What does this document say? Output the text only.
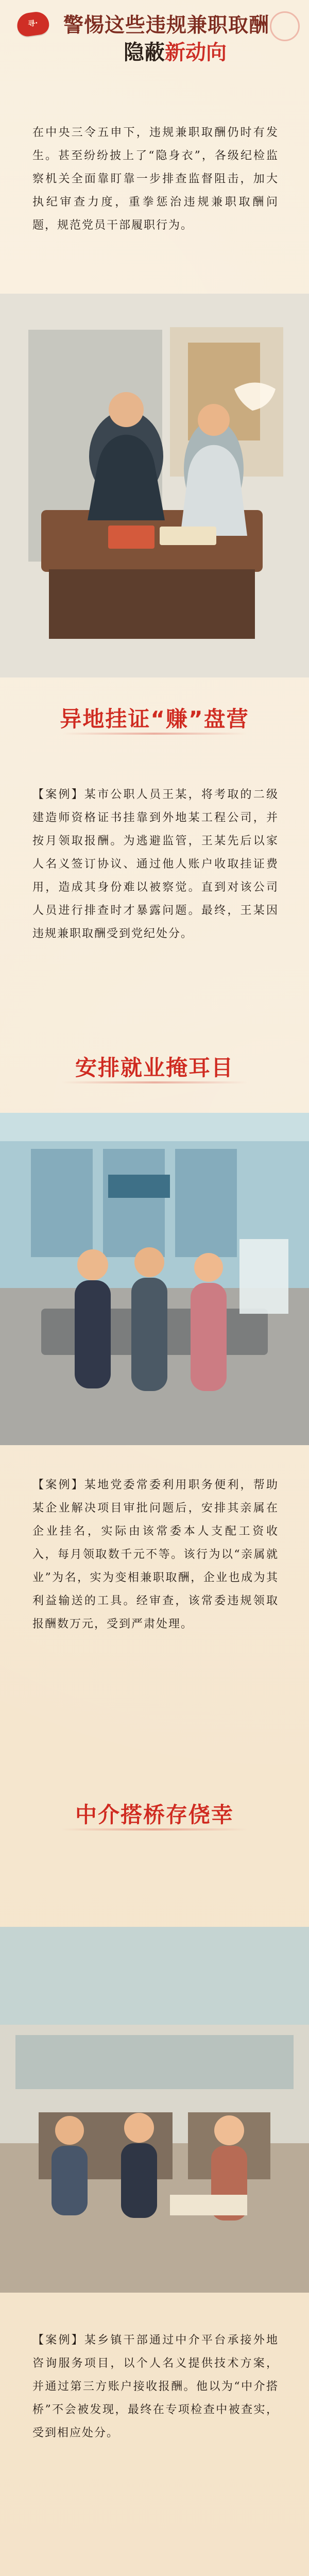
寻·	警惕这些违规兼职取酬
隐蔽新动向
在中央三令五申下，违规兼职取酬仍时有发生。甚至纷纷披上了“隐身衣”，各级纪检监察机关全面靠盯靠一步排查监督阻击，加大执纪审查力度，重拳惩治违规兼职取酬问题，规范党员干部履职行为。
异地挂证“赚”盘营
【案例】某市公职人员王某，将考取的二级建造师资格证书挂靠到外地某工程公司，并按月领取报酬。为逃避监管，王某先后以家人名义签订协议、通过他人账户收取挂证费用，造成其身份难以被察觉。直到对该公司人员进行排查时才暴露问题。最终，王某因违规兼职取酬受到党纪处分。
安排就业掩耳目
【案例】某地党委常委利用职务便利，帮助某企业解决项目审批问题后，安排其亲属在企业挂名，实际由该常委本人支配工资收入，每月领取数千元不等。该行为以“亲属就业”为名，实为变相兼职取酬，企业也成为其利益输送的工具。经审查，该常委违规领取报酬数万元，受到严肃处理。
中介搭桥存侥幸
【案例】某乡镇干部通过中介平台承接外地咨询服务项目，以个人名义提供技术方案，并通过第三方账户接收报酬。他以为“中介搭桥”不会被发现，最终在专项检查中被查实，受到相应处分。
